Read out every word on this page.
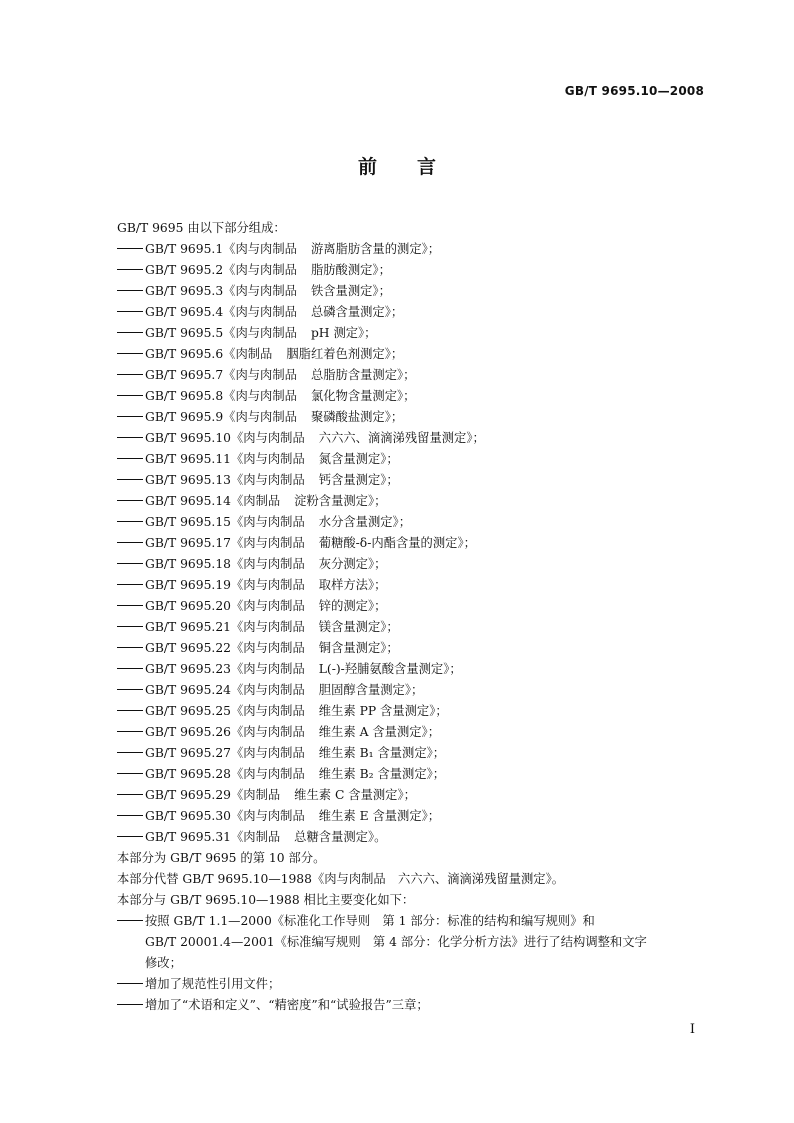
GB/T 9695.10—2008
前言
GB/T 9695 由以下部分组成：
GB/T 9695.1《肉与肉制品 游离脂肪含量的测定》；
GB/T 9695.2《肉与肉制品 脂肪酸测定》；
GB/T 9695.3《肉与肉制品 铁含量测定》；
GB/T 9695.4《肉与肉制品 总磷含量测定》；
GB/T 9695.5《肉与肉制品 pH 测定》；
GB/T 9695.6《肉制品 胭脂红着色剂测定》；
GB/T 9695.7《肉与肉制品 总脂肪含量测定》；
GB/T 9695.8《肉与肉制品 氯化物含量测定》；
GB/T 9695.9《肉与肉制品 聚磷酸盐测定》；
GB/T 9695.10《肉与肉制品 六六六、滴滴涕残留量测定》；
GB/T 9695.11《肉与肉制品 氮含量测定》；
GB/T 9695.13《肉与肉制品 钙含量测定》；
GB/T 9695.14《肉制品 淀粉含量测定》；
GB/T 9695.15《肉与肉制品 水分含量测定》；
GB/T 9695.17《肉与肉制品 葡糖酸-δ-内酯含量的测定》；
GB/T 9695.18《肉与肉制品 灰分测定》；
GB/T 9695.19《肉与肉制品 取样方法》；
GB/T 9695.20《肉与肉制品 锌的测定》；
GB/T 9695.21《肉与肉制品 镁含量测定》；
GB/T 9695.22《肉与肉制品 铜含量测定》；
GB/T 9695.23《肉与肉制品 L(-)-羟脯氨酸含量测定》；
GB/T 9695.24《肉与肉制品 胆固醇含量测定》；
GB/T 9695.25《肉与肉制品 维生素 PP 含量测定》；
GB/T 9695.26《肉与肉制品 维生素 A 含量测定》；
GB/T 9695.27《肉与肉制品 维生素 B₁ 含量测定》；
GB/T 9695.28《肉与肉制品 维生素 B₂ 含量测定》；
GB/T 9695.29《肉制品 维生素 C 含量测定》；
GB/T 9695.30《肉与肉制品 维生素 E 含量测定》；
GB/T 9695.31《肉制品 总糖含量测定》。
本部分为 GB/T 9695 的第 10 部分。
本部分代替 GB/T 9695.10—1988《肉与肉制品　六六六、滴滴涕残留量测定》。
本部分与 GB/T 9695.10—1988 相比主要变化如下：
按照 GB/T 1.1—2000《标准化工作导则　第 1 部分：标准的结构和编写规则》和
GB/T 20001.4—2001《标准编写规则　第 4 部分：化学分析方法》进行了结构调整和文字
修改；
增加了规范性引用文件；
增加了“术语和定义”、“精密度”和“试验报告”三章；
I
